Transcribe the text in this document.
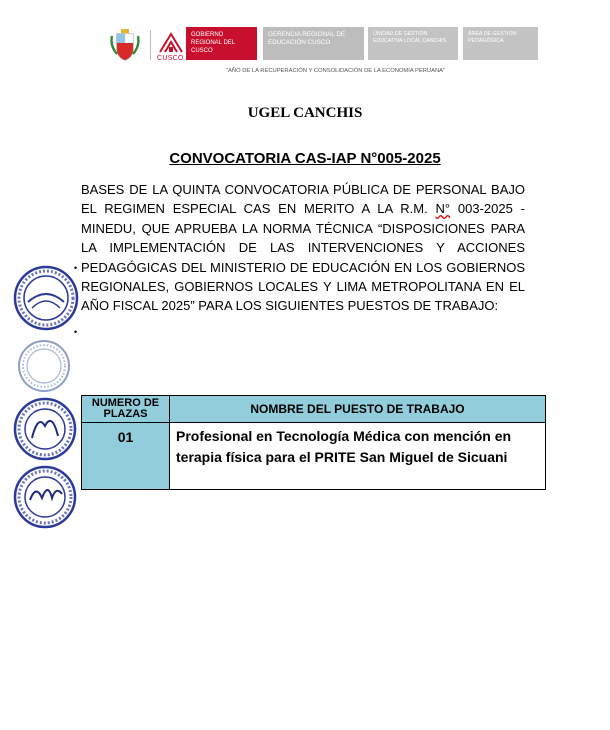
CUSCO
GOBIERNO REGIONAL DEL CUSCO
GERENCIA REGIONAL DE EDUCACIÓN CUSCO
UNIDAD DE GESTIÓN EDUCATIVA LOCAL CANCHIS
ÁREA DE GESTIÓN PEDAGÓGICA
"AÑO DE LA RECUPERACIÓN Y CONSOLIDACIÓN DE LA ECONOMÍA PERUANA"
UGEL CANCHIS
CONVOCATORIA CAS-IAP N°005-2025
BASES DE LA QUINTA CONVOCATORIA PÚBLICA DE PERSONAL BAJO EL REGIMEN ESPECIAL CAS EN MERITO A LA R.M. N° 003-2025 - MINEDU, QUE APRUEBA LA NORMA TÉCNICA “DISPOSICIONES PARA LA IMPLEMENTACIÓN DE LAS INTERVENCIONES Y ACCIONES PEDAGÓGICAS DEL MINISTERIO DE EDUCACIÓN EN LOS GOBIERNOS REGIONALES, GOBIERNOS LOCALES Y LIMA METROPOLITANA EN EL AÑO FISCAL 2025” PARA LOS SIGUIENTES PUESTOS DE TRABAJO:
•
•
NUMERO DE PLAZAS	NOMBRE DEL PUESTO DE TRABAJO
01	Profesional en Tecnología Médica con mención en terapia física para el PRITE San Miguel de Sicuani
